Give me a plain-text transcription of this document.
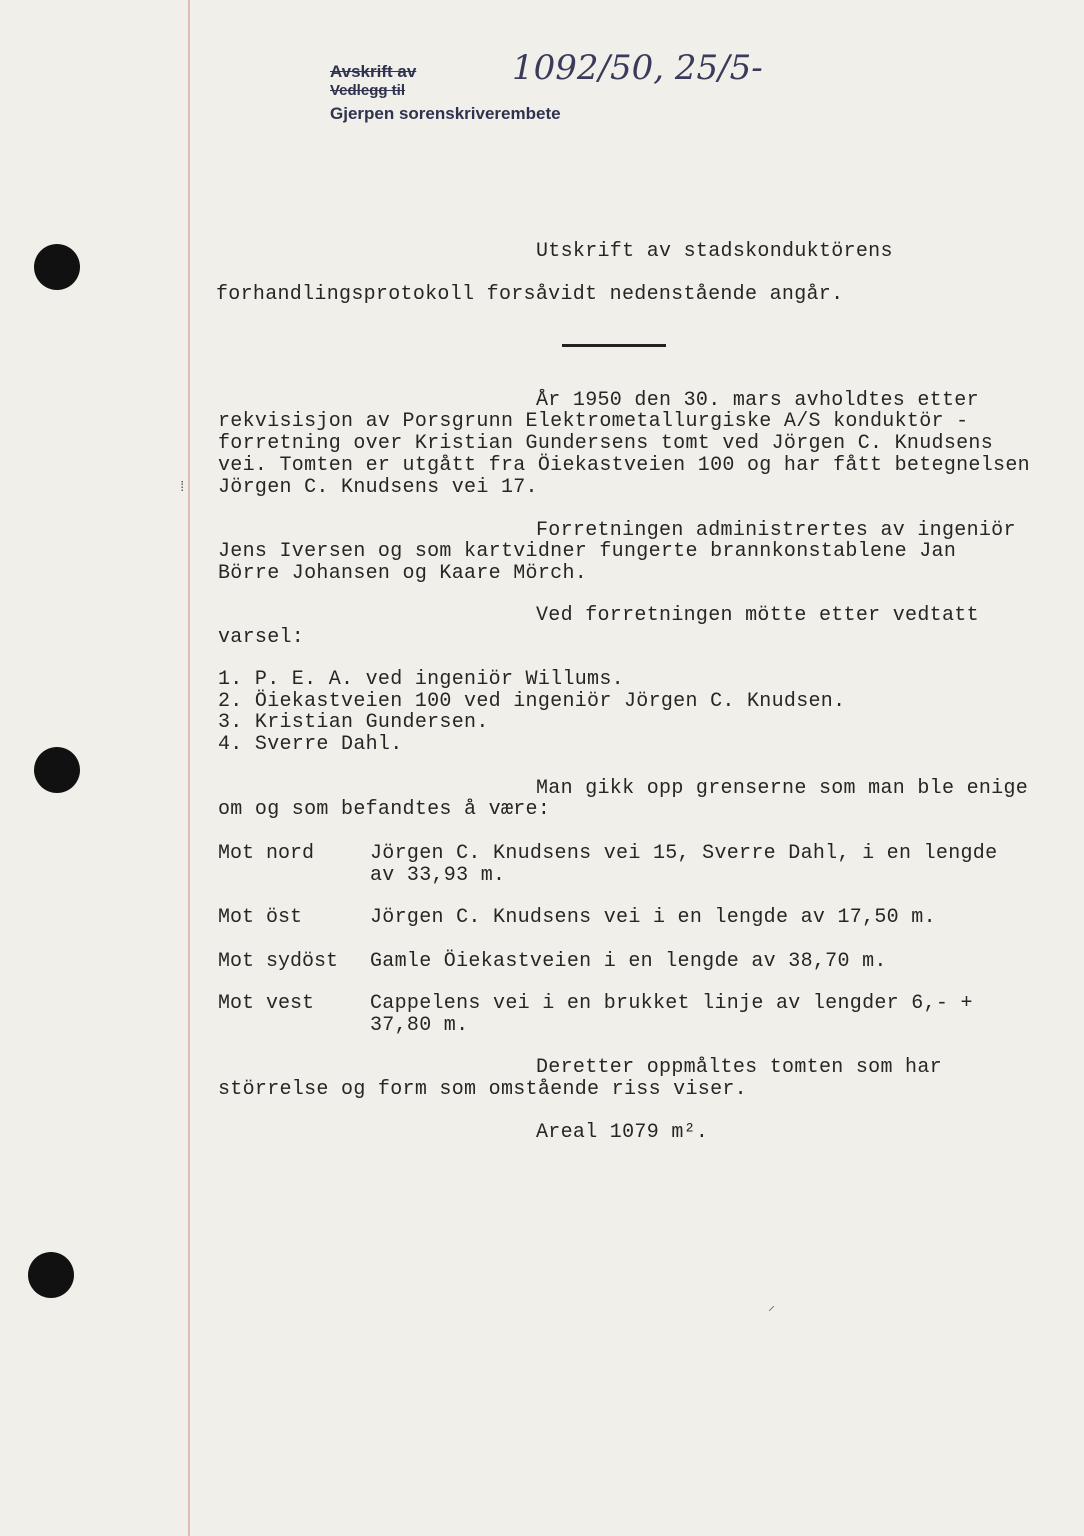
Avskrift av
Vedlegg til
Gjerpen sorenskriverembete
1092/50, 25/5-
Utskrift av stadskonduktörens
forhandlingsprotokoll forsåvidt nedenstående angår.
År 1950 den 30. mars avholdtes etter
rekvisisjon av Porsgrunn Elektrometallurgiske A/S konduktör -
forretning over Kristian Gundersens tomt ved Jörgen C. Knudsens
vei. Tomten er utgått fra Öiekastveien 100 og har fått betegnelsen
Jörgen C. Knudsens vei 17.
Forretningen administrertes av ingeniör
Jens Iversen og som kartvidner fungerte brannkonstablene Jan
Börre Johansen og Kaare Mörch.
Ved forretningen mötte etter vedtatt
varsel:
1. P. E. A. ved ingeniör Willums.
2. Öiekastveien 100 ved ingeniör Jörgen C. Knudsen.
3. Kristian Gundersen.
4. Sverre Dahl.
Man gikk opp grenserne som man ble enige
om og som befandtes å være:
Mot nord	Jörgen C. Knudsens vei 15, Sverre Dahl, i en lengde
av 33,93 m.
Mot öst	Jörgen C. Knudsens vei i en lengde av 17,50 m.
Mot sydöst Gamle Öiekastveien i en lengde av 38,70 m.
Mot vest	Cappelens vei i en brukket linje av lengder 6,- +
37,80 m.
Deretter oppmåltes tomten som har
störrelse og form som omstående riss viser.
Areal 1079 m².
⸝
⁞
